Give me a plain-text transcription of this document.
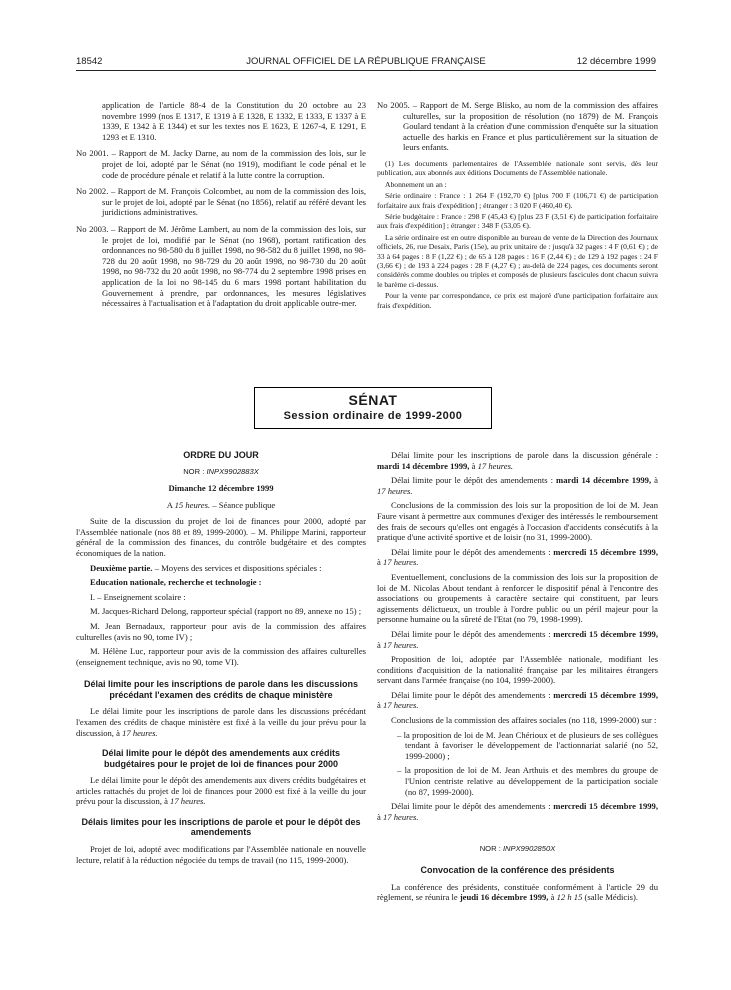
18542	JOURNAL OFFICIEL DE LA RÉPUBLIQUE FRANÇAISE	12 décembre 1999

application de l'article 88-4 de la Constitution du 20 octobre au 23 novembre 1999 (nos E 1317, E 1319 à E 1328, E 1332, E 1333, E 1337 à E 1339, E 1342 à E 1344) et sur les textes nos E 1623, E 1267-4, E 1291, E 1293 et E 1310.

No 2001. – Rapport de M. Jacky Darne, au nom de la commission des lois, sur le projet de loi, adopté par le Sénat (no 1919), modifiant le code pénal et le code de procédure pénale et relatif à la lutte contre la corruption.

No 2002. – Rapport de M. François Colcombet, au nom de la commission des lois, sur le projet de loi, adopté par le Sénat (no 1856), relatif au référé devant les juridictions administratives.

No 2003. – Rapport de M. Jérôme Lambert, au nom de la commission des lois, sur le projet de loi, modifié par le Sénat (no 1968), portant ratification des ordonnances no 98-580 du 8 juillet 1998, no 98-582 du 8 juillet 1998, no 98-728 du 20 août 1998, no 98-729 du 20 août 1998, no 98-730 du 20 août 1998, no 98-732 du 20 août 1998, no 98-774 du 2 septembre 1998 prises en application de la loi no 98-145 du 6 mars 1998 portant habilitation du Gouvernement à prendre, par ordonnances, les mesures législatives nécessaires à l'actualisation et à l'adaptation du droit applicable outre-mer.

No 2005. – Rapport de M. Serge Blisko, au nom de la commission des affaires culturelles, sur la proposition de résolution (no 1879) de M. François Goulard tendant à la création d'une commission d'enquête sur la situation actuelle des harkis en France et plus particulièrement sur la situation de leurs enfants.

(1) Les documents parlementaires de l'Assemblée nationale sont servis, dès leur publication, aux abonnés aux éditions Documents de l'Assemblée nationale.

Abonnement un an :

Série ordinaire : France : 1 264 F (192,70 €) [plus 700 F (106,71 €) de participation forfaitaire aux frais d'expédition] ; étranger : 3 020 F (460,40 €).

Série budgétaire : France : 298 F (45,43 €) [plus 23 F (3,51 €) de participation forfaitaire aux frais d'expédition] ; étranger : 348 F (53,05 €).

La série ordinaire est en outre disponible au bureau de vente de la Direction des Journaux officiels, 26, rue Desaix, Paris (15e), au prix unitaire de : jusqu'à 32 pages : 4 F (0,61 €) ; de 33 à 64 pages : 8 F (1,22 €) ; de 65 à 128 pages : 16 F (2,44 €) ; de 129 à 192 pages : 24 F (3,66 €) ; de 193 à 224 pages : 28 F (4,27 €) ; au-delà de 224 pages, ces documents seront considérés comme doubles ou triples et composés de plusieurs fascicules dont chacun suivra le barème ci-dessus.

Pour la vente par correspondance, ce prix est majoré d'une participation forfaitaire aux frais d'expédition.

SÉNAT
Session ordinaire de 1999-2000
ORDRE DU JOUR
NOR : INPX9902883X
Dimanche 12 décembre 1999
A 15 heures. – Séance publique

Suite de la discussion du projet de loi de finances pour 2000, adopté par l'Assemblée nationale (nos 88 et 89, 1999-2000). – M. Philippe Marini, rapporteur général de la commission des finances, du contrôle budgétaire et des comptes économiques de la nation.

Deuxième partie. – Moyens des services et dispositions spéciales :

Education nationale, recherche et technologie :

I. – Enseignement scolaire :

M. Jacques-Richard Delong, rapporteur spécial (rapport no 89, annexe no 15) ;

M. Jean Bernadaux, rapporteur pour avis de la commission des affaires culturelles (avis no 90, tome IV) ;

M. Hélène Luc, rapporteur pour avis de la commission des affaires culturelles (enseignement technique, avis no 90, tome VI).

Délai limite pour les inscriptions de parole dans les discussions précédant l'examen des crédits de chaque ministère

Le délai limite pour les inscriptions de parole dans les discussions précédant l'examen des crédits de chaque ministère est fixé à la veille du jour prévu pour la discussion, à 17 heures.

Délai limite pour le dépôt des amendements aux crédits budgétaires pour le projet de loi de finances pour 2000

Le délai limite pour le dépôt des amendements aux divers crédits budgétaires et articles rattachés du projet de loi de finances pour 2000 est fixé à la veille du jour prévu pour la discussion, à 17 heures.

Délais limites pour les inscriptions de parole et pour le dépôt des amendements

Projet de loi, adopté avec modifications par l'Assemblée nationale en nouvelle lecture, relatif à la réduction négociée du temps de travail (no 115, 1999-2000).

Délai limite pour les inscriptions de parole dans la discussion générale : mardi 14 décembre 1999, à 17 heures.

Délai limite pour le dépôt des amendements : mardi 14 décembre 1999, à 17 heures.

Conclusions de la commission des lois sur la proposition de loi de M. Jean Faure visant à permettre aux communes d'exiger des intéressés le remboursement des frais de secours qu'elles ont engagés à l'occasion d'accidents consécutifs à la pratique d'une activité sportive et de loisir (no 31, 1999-2000).

Délai limite pour le dépôt des amendements : mercredi 15 décembre 1999, à 17 heures.

Eventuellement, conclusions de la commission des lois sur la proposition de loi de M. Nicolas About tendant à renforcer le dispositif pénal à l'encontre des associations ou groupements à caractère sectaire qui constituent, par leurs agissements délictueux, un trouble à l'ordre public ou un péril majeur pour la personne humaine ou la sûreté de l'Etat (no 79, 1998-1999).

Délai limite pour le dépôt des amendements : mercredi 15 décembre 1999, à 17 heures.

Proposition de loi, adoptée par l'Assemblée nationale, modifiant les conditions d'acquisition de la nationalité française par les militaires étrangers servant dans l'armée française (no 104, 1999-2000).

Délai limite pour le dépôt des amendements : mercredi 15 décembre 1999, à 17 heures.

Conclusions de la commission des affaires sociales (no 118, 1999-2000) sur :

– la proposition de loi de M. Jean Chérioux et de plusieurs de ses collègues tendant à favoriser le développement de l'actionnariat salarié (no 52, 1999-2000) ;

– la proposition de loi de M. Jean Arthuis et des membres du groupe de l'Union centriste relative au développement de la participation sociale (no 87, 1999-2000).

Délai limite pour le dépôt des amendements : mercredi 15 décembre 1999, à 17 heures.

NOR : INPX9902850X
Convocation de la conférence des présidents

La conférence des présidents, constituée conformément à l'article 29 du règlement, se réunira le jeudi 16 décembre 1999, à 12 h 15 (salle Médicis).
